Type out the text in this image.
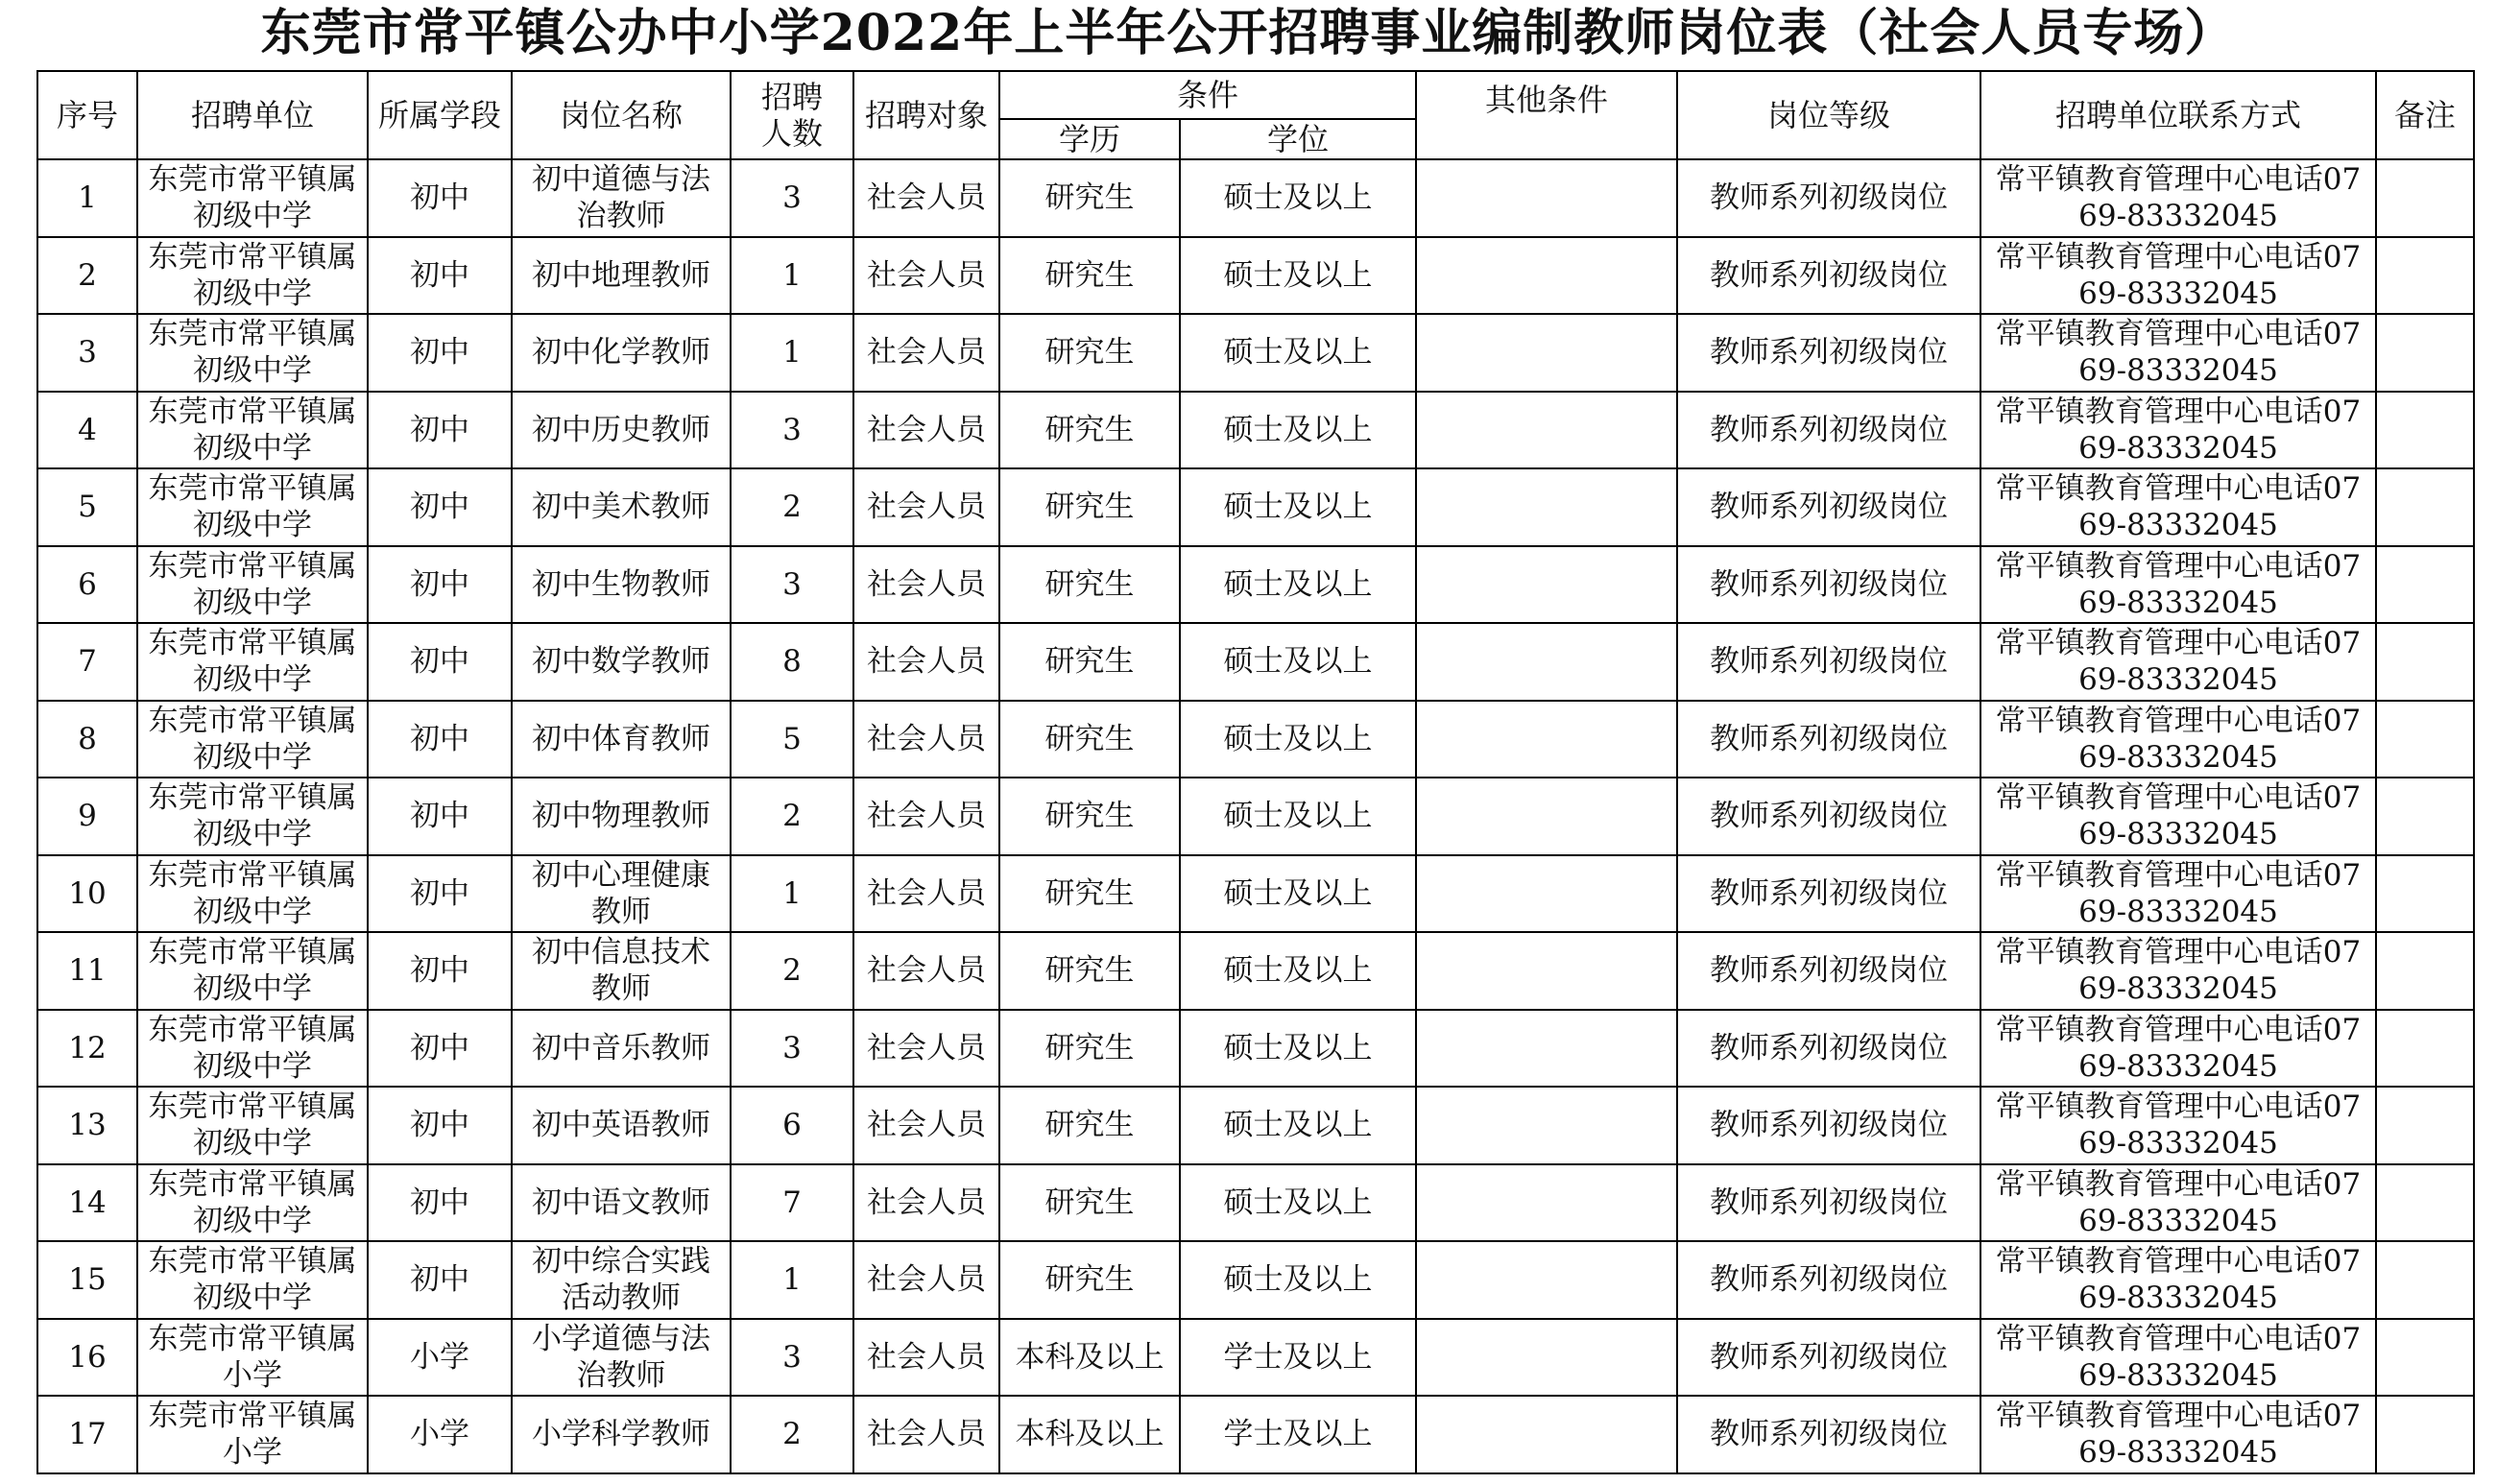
东莞市常平镇公办中小学2022年上半年公开招聘事业编制教师岗位表（社会人员专场）
序号	招聘单位	所属学段	岗位名称	招聘人数	招聘对象	条件		其他条件	岗位等级	招聘单位联系方式	备注
						学历	学位				
1	东莞市常平镇属初级中学	初中	初中道德与法治教师	3	社会人员	研究生	硕士及以上		教师系列初级岗位	常平镇教育管理中心电话0769-83332045	

2	东莞市常平镇属初级中学	初中	初中地理教师	1	社会人员	研究生	硕士及以上		教师系列初级岗位	常平镇教育管理中心电话0769-83332045	

3	东莞市常平镇属初级中学	初中	初中化学教师	1	社会人员	研究生	硕士及以上		教师系列初级岗位	常平镇教育管理中心电话0769-83332045	

4	东莞市常平镇属初级中学	初中	初中历史教师	3	社会人员	研究生	硕士及以上		教师系列初级岗位	常平镇教育管理中心电话0769-83332045	

5	东莞市常平镇属初级中学	初中	初中美术教师	2	社会人员	研究生	硕士及以上		教师系列初级岗位	常平镇教育管理中心电话0769-83332045	

6	东莞市常平镇属初级中学	初中	初中生物教师	3	社会人员	研究生	硕士及以上		教师系列初级岗位	常平镇教育管理中心电话0769-83332045	

7	东莞市常平镇属初级中学	初中	初中数学教师	8	社会人员	研究生	硕士及以上		教师系列初级岗位	常平镇教育管理中心电话0769-83332045	

8	东莞市常平镇属初级中学	初中	初中体育教师	5	社会人员	研究生	硕士及以上		教师系列初级岗位	常平镇教育管理中心电话0769-83332045	

9	东莞市常平镇属初级中学	初中	初中物理教师	2	社会人员	研究生	硕士及以上		教师系列初级岗位	常平镇教育管理中心电话0769-83332045	

10	东莞市常平镇属初级中学	初中	初中心理健康教师	1	社会人员	研究生	硕士及以上		教师系列初级岗位	常平镇教育管理中心电话0769-83332045	

11	东莞市常平镇属初级中学	初中	初中信息技术教师	2	社会人员	研究生	硕士及以上		教师系列初级岗位	常平镇教育管理中心电话0769-83332045	

12	东莞市常平镇属初级中学	初中	初中音乐教师	3	社会人员	研究生	硕士及以上		教师系列初级岗位	常平镇教育管理中心电话0769-83332045	

13	东莞市常平镇属初级中学	初中	初中英语教师	6	社会人员	研究生	硕士及以上		教师系列初级岗位	常平镇教育管理中心电话0769-83332045	

14	东莞市常平镇属初级中学	初中	初中语文教师	7	社会人员	研究生	硕士及以上		教师系列初级岗位	常平镇教育管理中心电话0769-83332045	

15	东莞市常平镇属初级中学	初中	初中综合实践活动教师	1	社会人员	研究生	硕士及以上		教师系列初级岗位	常平镇教育管理中心电话0769-83332045	

16	东莞市常平镇属小学	小学	小学道德与法治教师	3	社会人员	本科及以上	学士及以上		教师系列初级岗位	常平镇教育管理中心电话0769-83332045	

17	东莞市常平镇属小学	小学	小学科学教师	2	社会人员	本科及以上	学士及以上		教师系列初级岗位	常平镇教育管理中心电话0769-83332045	
